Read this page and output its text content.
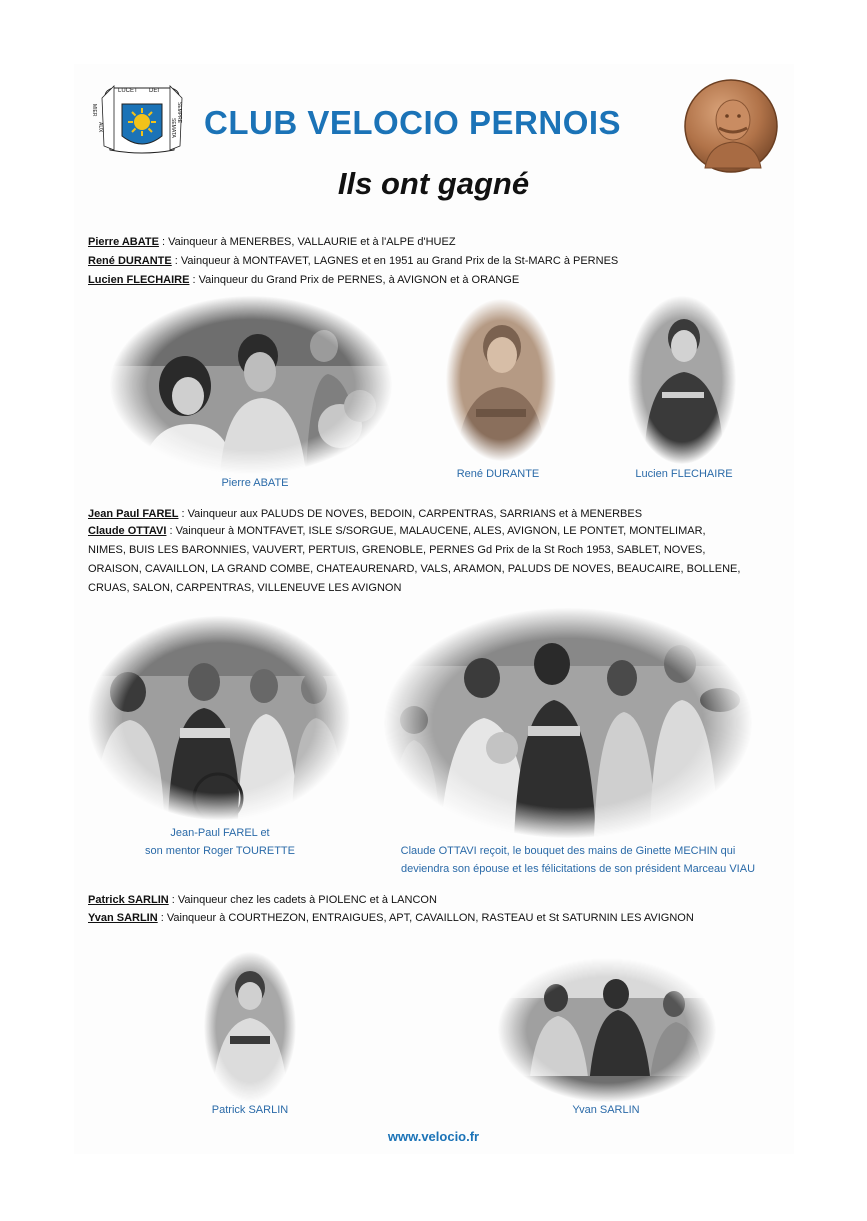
LUCET DEI
MIER
AUX
SEMPRE
SEMATA CLUB VELOCIO PERNOIS
Ils ont gagné
Pierre ABATE : Vainqueur à MENERBES, VALLAURIE et à l'ALPE d'HUEZ
René DURANTE : Vainqueur à MONTFAVET, LAGNES et en 1951 au Grand Prix de la St-MARC à PERNES
Lucien FLECHAIRE : Vainqueur du Grand Prix de PERNES, à AVIGNON et à ORANGE
Pierre ABATE
René DURANTE	Lucien FLECHAIRE
Jean Paul FAREL : Vainqueur aux PALUDS DE NOVES, BEDOIN, CARPENTRAS, SARRIANS et à MENERBES
Claude OTTAVI : Vainqueur à MONTFAVET, ISLE S/SORGUE, MALAUCENE, ALES, AVIGNON, LE PONTET, MONTELIMAR,
NIMES, BUIS LES BARONNIES, VAUVERT, PERTUIS, GRENOBLE, PERNES Gd Prix de la St Roch 1953, SABLET, NOVES,
ORAISON, CAVAILLON, LA GRAND COMBE, CHATEAURENARD, VALS, ARAMON, PALUDS DE NOVES, BEAUCAIRE, BOLLENE,
CRUAS, SALON, CARPENTRAS, VILLENEUVE LES AVIGNON
Jean-Paul FAREL et
son mentor Roger TOURETTE	Claude OTTAVI reçoit, le bouquet des mains de Ginette MECHIN qui
deviendra son épouse et les félicitations de son président Marceau VIAU
Patrick SARLIN : Vainqueur chez les cadets à PIOLENC et à LANCON
Yvan SARLIN : Vainqueur à COURTHEZON, ENTRAIGUES, APT, CAVAILLON, RASTEAU et St SATURNIN LES AVIGNON
Patrick SARLIN	Yvan SARLIN
www.velocio.fr
